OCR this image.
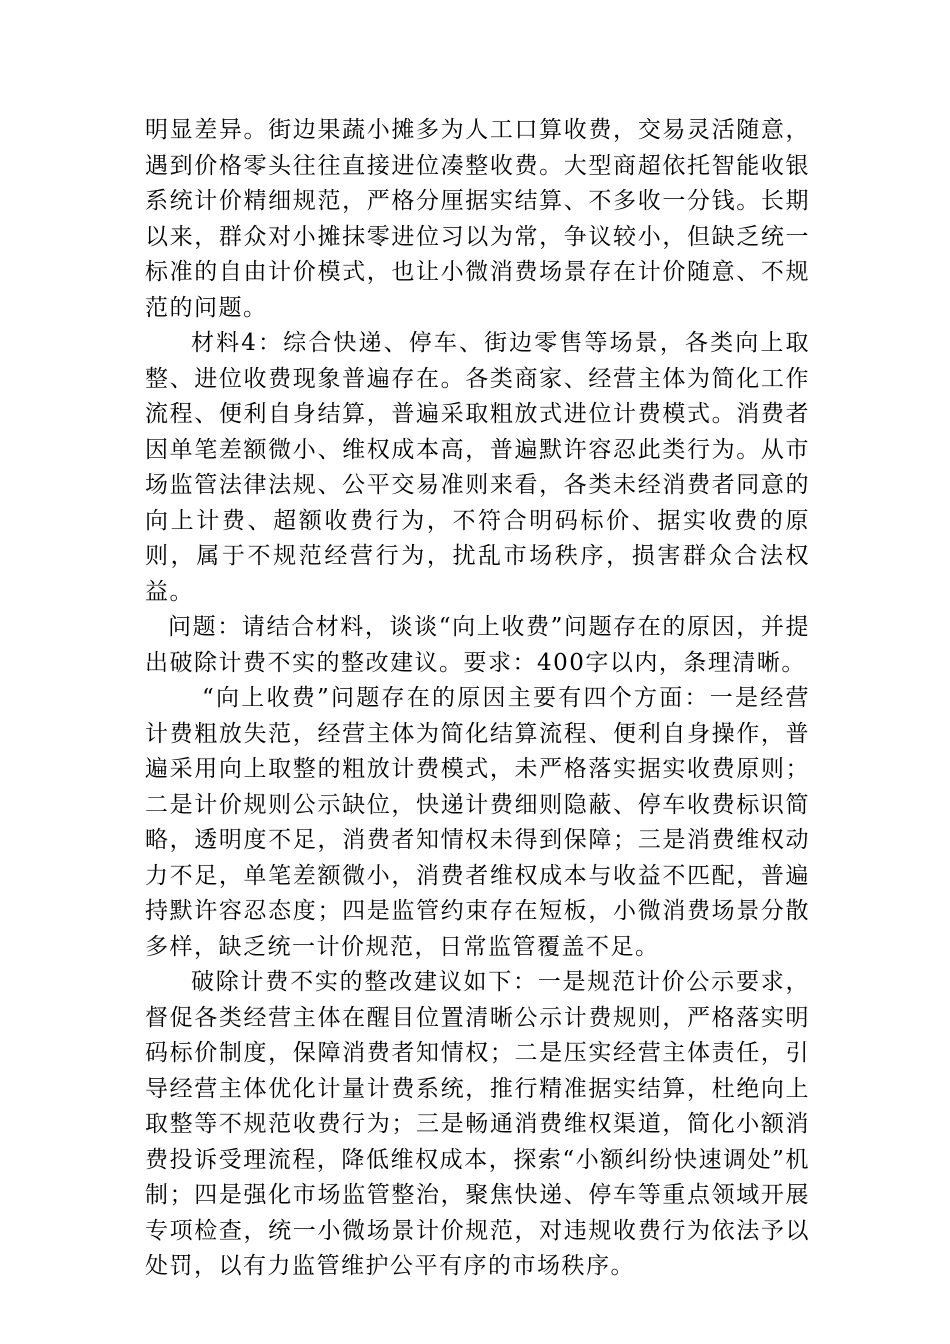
明显差异。街边果蔬小摊多为人工口算收费，交易灵活随意，遇到价格零头往往直接进位凑整收费。大型商超依托智能收银系统计价精细规范，严格分厘据实结算、不多收一分钱。长期以来，群众对小摊抹零进位习以为常，争议较小，但缺乏统一标准的自由计价模式，也让小微消费场景存在计价随意、不规范的问题。

材料4：综合快递、停车、街边零售等场景，各类向上取整、进位收费现象普遍存在。各类商家、经营主体为简化工作流程、便利自身结算，普遍采取粗放式进位计费模式。消费者因单笔差额微小、维权成本高，普遍默许容忍此类行为。从市场监管法律法规、公平交易准则来看，各类未经消费者同意的向上计费、超额收费行为，不符合明码标价、据实收费的原则，属于不规范经营行为，扰乱市场秩序，损害群众合法权益。

问题：请结合材料，谈谈“向上收费”问题存在的原因，并提出破除计费不实的整改建议。要求：400字以内，条理清晰。

“向上收费”问题存在的原因主要有四个方面：一是经营计费粗放失范，经营主体为简化结算流程、便利自身操作，普遍采用向上取整的粗放计费模式，未严格落实据实收费原则；二是计价规则公示缺位，快递计费细则隐蔽、停车收费标识简略，透明度不足，消费者知情权未得到保障；三是消费维权动力不足，单笔差额微小，消费者维权成本与收益不匹配，普遍持默许容忍态度；四是监管约束存在短板，小微消费场景分散多样，缺乏统一计价规范，日常监管覆盖不足。

破除计费不实的整改建议如下：一是规范计价公示要求，督促各类经营主体在醒目位置清晰公示计费规则，严格落实明码标价制度，保障消费者知情权；二是压实经营主体责任，引导经营主体优化计量计费系统，推行精准据实结算，杜绝向上取整等不规范收费行为；三是畅通消费维权渠道，简化小额消费投诉受理流程，降低维权成本，探索“小额纠纷快速调处”机制；四是强化市场监管整治，聚焦快递、停车等重点领域开展专项检查，统一小微场景计价规范，对违规收费行为依法予以处罚，以有力监管维护公平有序的市场秩序。
